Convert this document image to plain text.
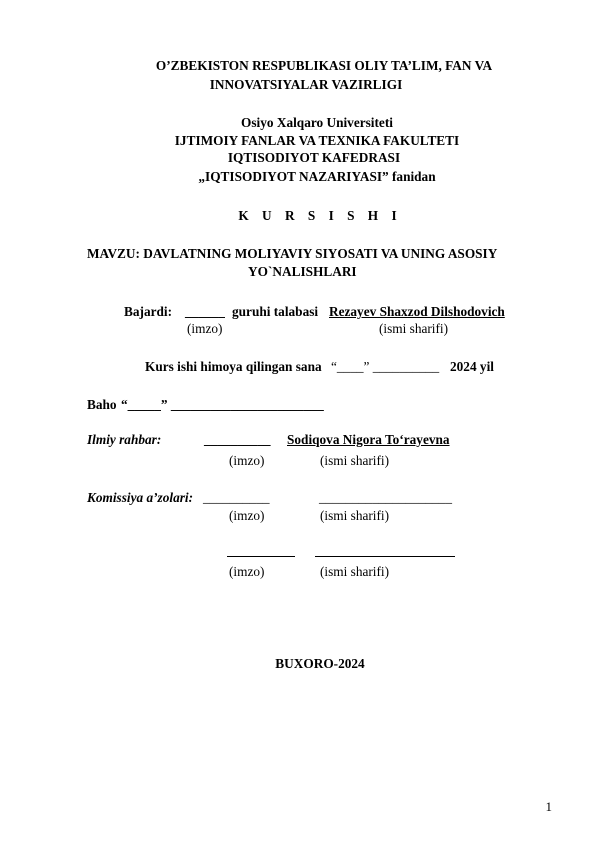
O’ZBEKISTON RESPUBLIKASI OLIY TA’LIM, FAN VA
INNOVATSIYALAR VAZIRLIGI
Osiyo Xalqaro Universiteti
IJTIMOIY FANLAR VA TEXNIKA FAKULTETI
IQTISODIYOT KAFEDRASI
„IQTISODIYOT NAZARIYASI” fanidan
K U R S I S H I
MAVZU: DAVLATNING MOLIYAVIY SIYOSATI VA UNING ASOSIY
YO`NALISHLARI
Bajardi: ______ guruhi talabasi Rezayev Shaxzod Dilshodovich
(imzo)	(ismi sharifi)
Kurs ishi himoya qilingan sana “____” __________ 2024 yil
Baho “_____” _______________________
Ilmiy rahbar:	__________ Sodiqova Nigora To‘rayevna
(imzo)	(ismi sharifi)
Komissiya a’zolari: __________	____________________
(imzo)	(ismi sharifi)
(imzo)	(ismi sharifi)
BUXORO-2024
1
